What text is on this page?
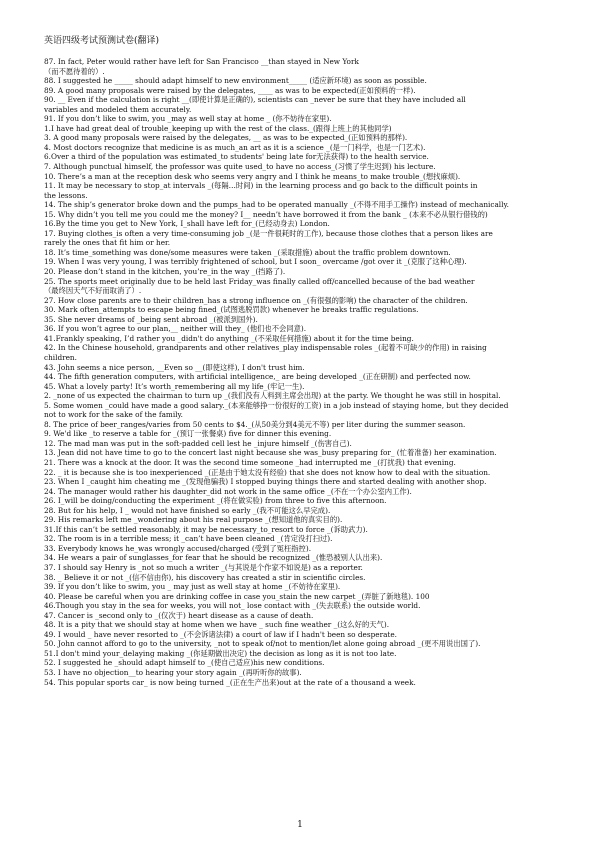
英语四级考试预测试卷(翻译)
87. In fact, Peter would rather have left for San Francisco __than stayed in New York
（而不愿待着的）.
88. I suggested he _____ should adapt himself to new environment_____ (适应新环境) as soon as possible.
89. A good many proposals were raised by the delegates, ____ as was to be expected(正如预料的一样).
90. __ Even if the calculation is right __(即使计算是正确的), scientists can _never be sure that they have included all
variables and modeled them accurately.
91. If you don’t like to swim, you _may as well stay at home _ (你不妨待在家里).
1.I have had great deal of trouble_keeping up with the rest of the class._(跟得上班上的其他同学)
3. A good many proposals were raised by the delegates, __ as was to be expected_(正如预料的那样).
4. Most doctors recognize that medicine is as much_an art as it is a science _(是一门科学，也是一门艺术).
6.Over a third of the population was estimated_to students' being late for无法获得) to the health service.
7. Although punctual himself, the professor was quite used_to have no access_(习惯了学生迟到) his lecture.
10. There’s a man at the reception desk who seems very angry and I think he means_to make trouble_(想找麻烦).
11. It may be necessary to stop_at intervals _(每隔…时间) in the learning process and go back to the difficult points in
the lessons.
14. The ship’s generator broke down and the pumps_had to be operated manually _(不得不用手工操作) instead of mechanically.
15. Why didn’t you tell me you could me the money? I__ needn’t have borrowed it from the bank _ (本来不必从银行借钱的)
16.By the time you get to New York, I_shall have left for_(已经动身去) London.
17. Buying clothes_is often a very time-consuming job _(是一件很耗时的工作), because those clothes that a person likes are
rarely the ones that fit him or her.
18. It’s time_something was done/some measures were taken _(采取措施) about the traffic problem downtown.
19. When I was very young, I was terribly frightened of school, but I soon_ overcame /got over it _(克服了这种心理).
20. Please don’t stand in the kitchen, you’re_in the way _(挡路了).
25. The sports meet originally due to be held last Friday_was finally called off/cancelled because of the bad weather
（最终因天气不好而取消了）.
27. How close parents are to their children_has a strong influence on _(有很强的影响) the character of the children.
30. Mark often_attempts to escape being fined_(试图逃脱罚款) whenever he breaks traffic regulations.
35. She never dreams of _being sent abroad _(被派到国外).
36. If you won’t agree to our plan,__ neither will they_ (他们也不会同意).
41.Frankly speaking, I’d rather you _didn't do anything _(不采取任何措施) about it for the time being.
42. In the Chinese household, grandparents and other relatives_play indispensable roles _(起着不可缺少的作用) in raising
children.
43. John seems a nice person, __Even so __(即使这样), I don't trust him.
44. The fifth generation computers, with artificial intelligence,_ are being developed _(正在研制) and perfected now.
45. What a lovely party! It’s worth_remembering all my life_(牢记一生).
2. _none of us expected the chairman to turn up _(我们没有人料到主席会出现) at the party. We thought he was still in hospital.
5. Some women _could have made a good salary._(本来能够挣一份很好的工资) in a job instead of staying home, but they decided
not to work for the sake of the family.
8. The price of beer_ranges/varies from 50 cents to $4._(从50美分到4美元不等) per liter during the summer season.
9. We'd like _to reserve a table for _(预订一张餐桌) five for dinner this evening.
12. The mad man was put in the soft-padded cell lest he _injure himself _(伤害自己).
13. Jean did not have time to go to the concert last night because she was_busy preparing for_ (忙着准备) her examination.
21. There was a knock at the door. It was the second time someone _had interrupted me _(打扰我) that evening.
22. _ it is because she is too inexperienced _(正是由于她太没有经验) that she does not know how to deal with the situation.
23. When I _caught him cheating me _(发现他骗我) I stopped buying things there and started dealing with another shop.
24. The manager would rather his daughter_did not work in the same office _(不在一个办公室内工作).
26. I_will be doing/conducting the experiment _(将在做实验) from three to five this afternoon.
28. But for his help, I _ would not have finished so early _(我不可能这么早完成).
29. His remarks left me _wondering about his real purpose _(想知道他的真实目的).
31.If this can’t be settled reasonably, it may be necessary_to_resort to force _(诉助武力).
32. The room is in a terrible mess; it _can’t have been cleaned _(肯定没打扫过).
33. Everybody knows he_was wrongly accused/charged (受到了冤枉指控).
34. He wears a pair of sunglasses_for fear that he should be recognized _(惟恐被别人认出来).
37. I should say Henry is _not so much a writer _(与其说是个作家不如说是) as a reporter.
38. _ Believe it or not _(信不信由你), his discovery has created a stir in scientific circles.
39. If you don’t like to swim, you _ may just as well stay at home _(不妨待在家里).
40. Please be careful when you are drinking coffee in case you_stain the new carpet _(弄脏了新地毯). 100
46.Though you stay in the sea for weeks, you will not_ lose contact with _(失去联系) the outside world.
47. Cancer is _second only to _(仅次于) heart disease as a cause of death.
48. It is a pity that we should stay at home when we have _ such fine weather _(这么好的天气).
49. I would _ have never resorted to _(不会诉诸法律) a court of law if I hadn't been so desperate.
50. John cannot afford to go to the university, _not to speak of/not to mention/let alone going abroad _(更不用说出国了).
51.I don't mind your_delaying making _(你延期做出决定) the decision as long as it is not too late.
52. I suggested he _should adapt himself to _(使自己适应)his new conditions.
53. I have no objection__to hearing your story again _(再听听你的故事).
54. This popular sports car_ is now being turned _(正在生产出来)out at the rate of a thousand a week.
1
